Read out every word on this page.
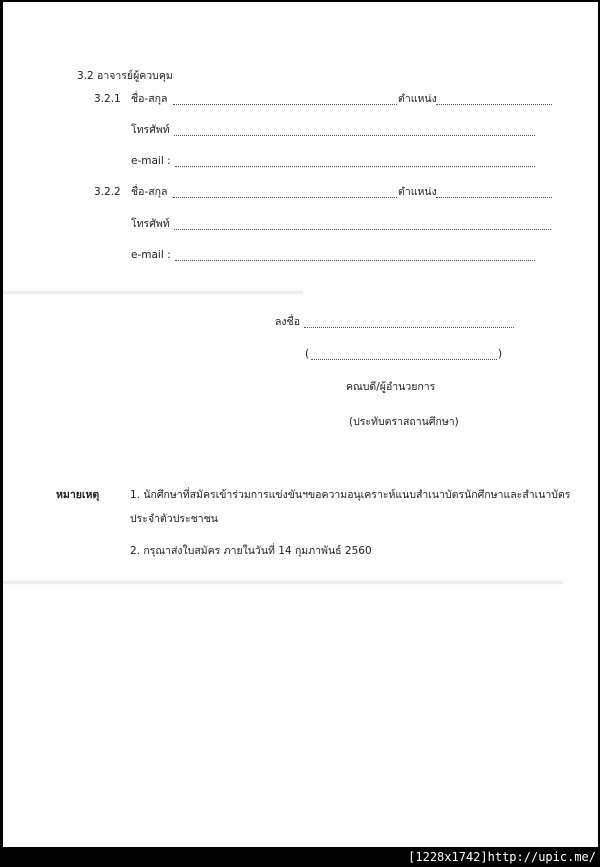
3.2 อาจารย์ผู้ควบคุม
3.2.1 ชื่อ-สกุล	ตำแหน่ง
โทรศัพท์
e-mail :
3.2.2 ชื่อ-สกุล	ตำแหน่ง
โทรศัพท์
e-mail :
ลงชื่อ
(	)
คณบดี/ผู้อำนวยการ
(ประทับตราสถานศึกษา)
หมายเหตุ	1. นักศึกษาที่สมัครเข้าร่วมการแข่งขันฯขอความอนุเคราะห์แนบสำเนาบัตรนักศึกษาและสำเนาบัตร
ประจำตัวประชาชน
2. กรุณาส่งใบสมัคร ภายในวันที่ 14 กุมภาพันธ์ 2560
[1228x1742]http://upic.me/
